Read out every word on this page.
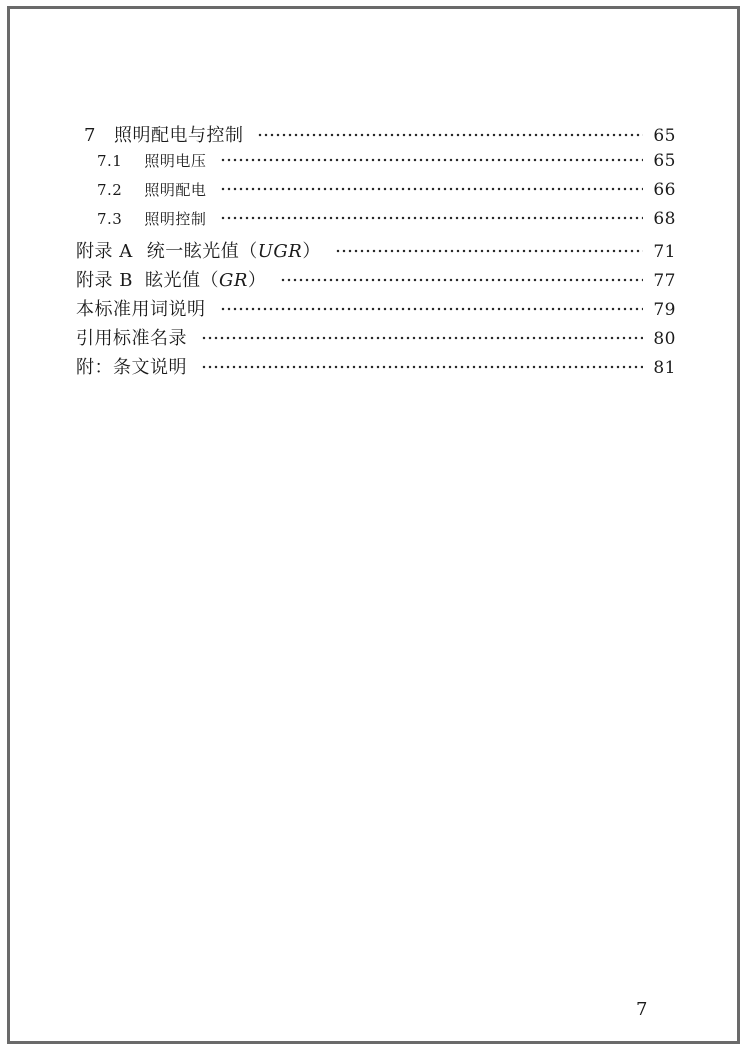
7 照明配电与控制	65
7.1 照明电压	65
7.2 照明配电	66
7.3 照明控制	68
附录 A 统一眩光值（UGR）	71
附录 B 眩光值（GR）	77
本标准用词说明	79
引用标准名录	80
附：条文说明	81
7
